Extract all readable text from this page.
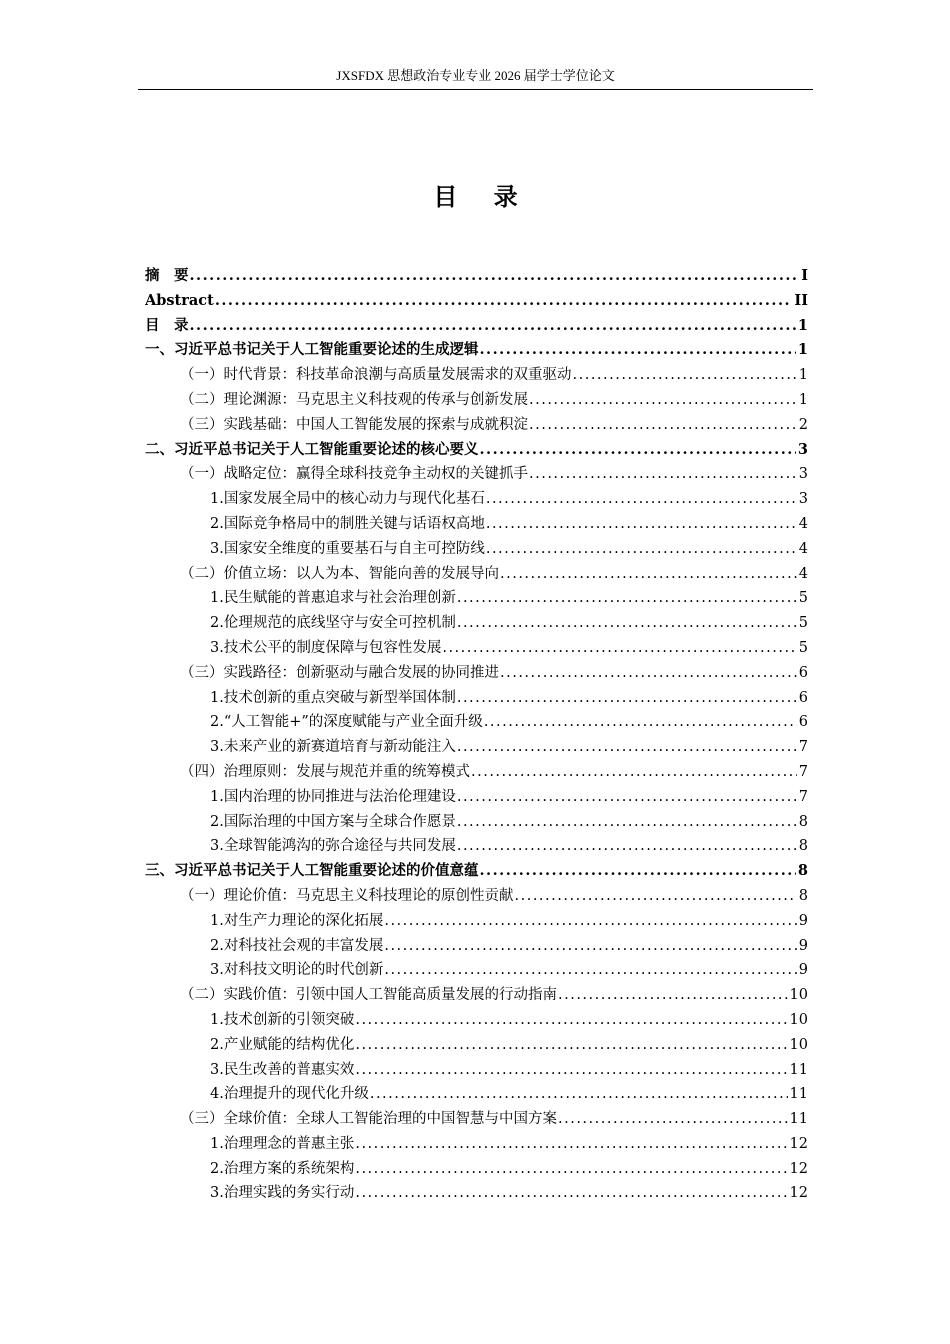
JXSFDX 思想政治专业专业 2026 届学士学位论文
目 录
摘　要 .....	I
Abstract .....	II
目　录 .....	1
一、习近平总书记关于人工智能重要论述的生成逻辑 .....	1
（一）时代背景：科技革命浪潮与高质量发展需求的双重驱动 .....	1
（二）理论渊源：马克思主义科技观的传承与创新发展 .....	1
（三）实践基础：中国人工智能发展的探索与成就积淀 .....	2
二、习近平总书记关于人工智能重要论述的核心要义 .....	3
（一）战略定位：赢得全球科技竞争主动权的关键抓手 .....	3
1.国家发展全局中的核心动力与现代化基石 .....	3
2.国际竞争格局中的制胜关键与话语权高地 .....	4
3.国家安全维度的重要基石与自主可控防线 .....	4
（二）价值立场：以人为本、智能向善的发展导向 .....	4
1.民生赋能的普惠追求与社会治理创新 .....	5
2.伦理规范的底线坚守与安全可控机制 .....	5
3.技术公平的制度保障与包容性发展 .....	5
（三）实践路径：创新驱动与融合发展的协同推进 .....	6
1.技术创新的重点突破与新型举国体制 .....	6
2.“人工智能+”的深度赋能与产业全面升级 .....	6
3.未来产业的新赛道培育与新动能注入 .....	7
（四）治理原则：发展与规范并重的统筹模式 .....	7
1.国内治理的协同推进与法治伦理建设 .....	7
2.国际治理的中国方案与全球合作愿景 .....	8
3.全球智能鸿沟的弥合途径与共同发展 .....	8
三、习近平总书记关于人工智能重要论述的价值意蕴 .....	8
（一）理论价值：马克思主义科技理论的原创性贡献 .....	8
1.对生产力理论的深化拓展 .....	9
2.对科技社会观的丰富发展 .....	9
3.对科技文明论的时代创新 .....	9
（二）实践价值：引领中国人工智能高质量发展的行动指南 .....	10
1.技术创新的引领突破 .....	10
2.产业赋能的结构优化 .....	10
3.民生改善的普惠实效 .....	11
4.治理提升的现代化升级 .....	11
（三）全球价值：全球人工智能治理的中国智慧与中国方案 .....	11
1.治理理念的普惠主张 .....	12
2.治理方案的系统架构 .....	12
3.治理实践的务实行动 .....	12
